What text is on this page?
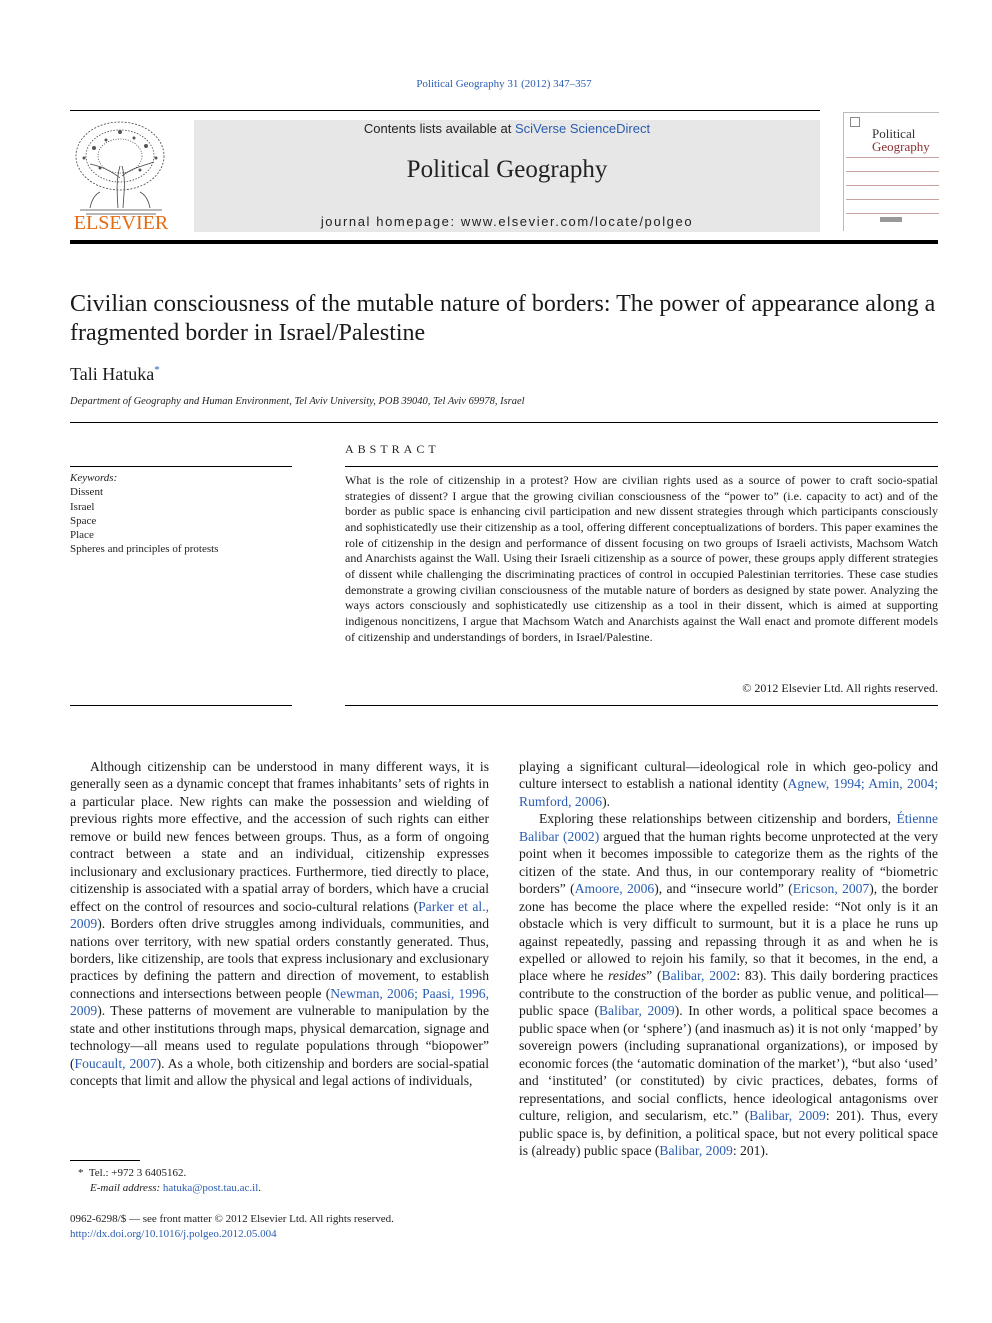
Political Geography 31 (2012) 347–357
ELSEVIER
Contents lists available at SciVerse ScienceDirect
Political Geography
journal homepage: www.elsevier.com/locate/polgeo
Political
Geography
Civilian consciousness of the mutable nature of borders: The power of appearance along a fragmented border in Israel/Palestine
Tali Hatuka*
Department of Geography and Human Environment, Tel Aviv University, POB 39040, Tel Aviv 69978, Israel
Keywords:
Dissent
Israel
Space
Place
Spheres and principles of protests
ABSTRACT
What is the role of citizenship in a protest? How are civilian rights used as a source of power to craft socio-spatial strategies of dissent? I argue that the growing civilian consciousness of the “power to” (i.e. capacity to act) and of the border as public space is enhancing civil participation and new dissent strategies through which participants consciously and sophisticatedly use their citizenship as a tool, offering different conceptualizations of borders. This paper examines the role of citizenship in the design and performance of dissent focusing on two groups of Israeli activists, Machsom Watch and Anarchists against the Wall. Using their Israeli citizenship as a source of power, these groups apply different strategies of dissent while challenging the discriminating practices of control in occupied Palestinian territories. These case studies demonstrate a growing civilian consciousness of the mutable nature of borders as designed by state power. Analyzing the ways actors consciously and sophisticatedly use citizenship as a tool in their dissent, which is aimed at supporting indigenous noncitizens, I argue that Machsom Watch and Anarchists against the Wall enact and promote different models of citizenship and understandings of borders, in Israel/Palestine.
© 2012 Elsevier Ltd. All rights reserved.

Although citizenship can be understood in many different ways, it is generally seen as a dynamic concept that frames inhabitants’ sets of rights in a particular place. New rights can make the possession and wielding of previous rights more effective, and the accession of such rights can either remove or build new fences between groups. Thus, as a form of ongoing contract between a state and an individual, citizenship expresses inclusionary and exclusionary practices. Furthermore, tied directly to place, citizenship is associated with a spatial array of borders, which have a crucial effect on the control of resources and socio-cultural relations (Parker et al., 2009). Borders often drive struggles among individuals, communities, and nations over territory, with new spatial orders constantly generated. Thus, borders, like citizenship, are tools that express inclusionary and exclusionary practices by defining the pattern and direction of movement, to establish connections and intersections between people (Newman, 2006; Paasi, 1996, 2009). These patterns of movement are vulnerable to manipulation by the state and other institutions through maps, physical demarcation, signage and technology—all means used to regulate populations through “biopower” (Foucault, 2007). As a whole, both citizenship and borders are social-spatial concepts that limit and allow the physical and legal actions of individuals,

playing a significant cultural—ideological role in which geo-policy and culture intersect to establish a national identity (Agnew, 1994; Amin, 2004; Rumford, 2006).

Exploring these relationships between citizenship and borders, Étienne Balibar (2002) argued that the human rights become unprotected at the very point when it becomes impossible to categorize them as the rights of the citizen of the state. And thus, in our contemporary reality of “biometric borders” (Amoore, 2006), and “insecure world” (Ericson, 2007), the border zone has become the place where the expelled reside: “Not only is it an obstacle which is very difficult to surmount, but it is a place he runs up against repeatedly, passing and repassing through it as and when he is expelled or allowed to rejoin his family, so that it becomes, in the end, a place where he resides” (Balibar, 2002: 83). This daily bordering practices contribute to the construction of the border as public venue, and political—public space (Balibar, 2009). In other words, a political space becomes a public space when (or ‘sphere’) (and inasmuch as) it is not only ‘mapped’ by sovereign powers (including supranational organizations), or imposed by economic forces (the ‘automatic domination of the market’), “but also ‘used’ and ‘instituted’ (or constituted) by civic practices, debates, forms of representations, and social conflicts, hence ideological antagonisms over culture, religion, and secularism, etc.” (Balibar, 2009: 201). Thus, every public space is, by definition, a political space, but not every political space is (already) public space (Balibar, 2009: 201).

* Tel.: +972 3 6405162.
E-mail address: hatuka@post.tau.ac.il.
0962-6298/$ — see front matter © 2012 Elsevier Ltd. All rights reserved.
http://dx.doi.org/10.1016/j.polgeo.2012.05.004
